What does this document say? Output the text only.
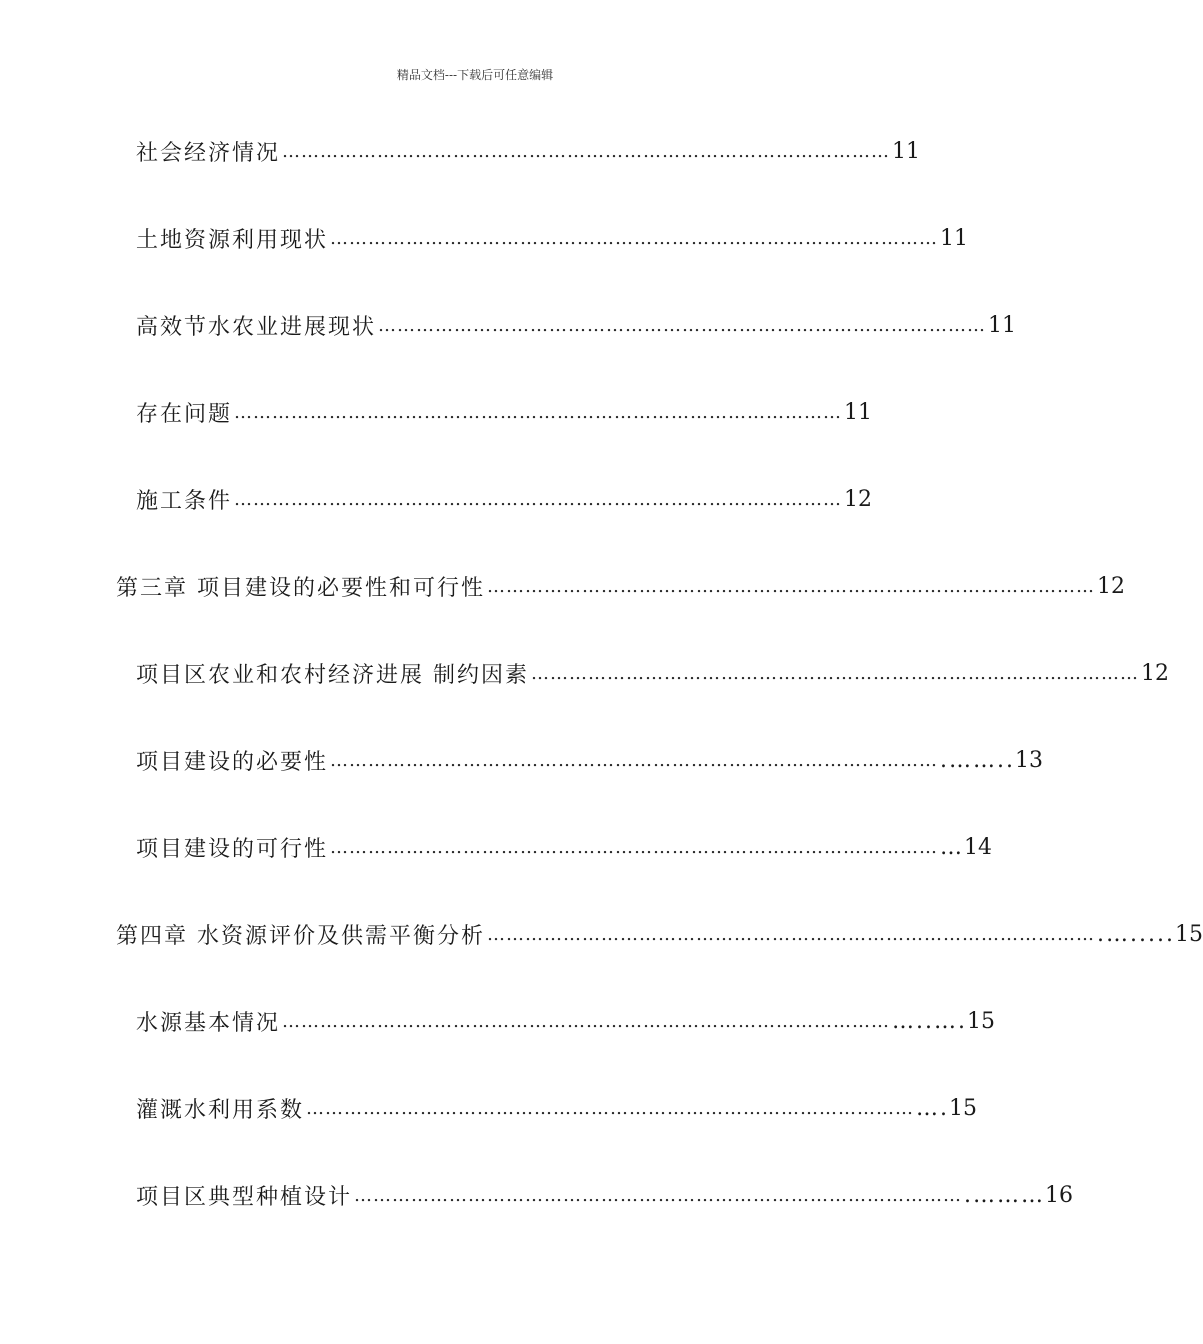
精品文档---下载后可任意编辑
社会经济情况 …………………………………………………………………………………… 11
土地资源利用现状 …………………………………………………………………………………… 11
高效节水农业进展现状 …………………………………………………………………………………… 11
存在问题 …………………………………………………………………………………… 11
施工条件 …………………………………………………………………………………… 12
第三章 项目建设的必要性和可行性 …………………………………………………………………………………… 12
项目区农业和农村经济进展 制约因素 …………………………………………………………………………………… 12
项目建设的必要性 …………………………………………………………………………………… .…….. 13
项目建设的可行性 …………………………………………………………………………………… … 14
第四章 水资源评价及供需平衡分析 …………………………………………………………………………………… .…..... 15
水源基本情况 …………………………………………………………………………………… …..…. 15
灌溉水利用系数 …………………………………………………………………………………… …. 15
项目区典型种植设计 …………………………………………………………………………………… .……… 16
